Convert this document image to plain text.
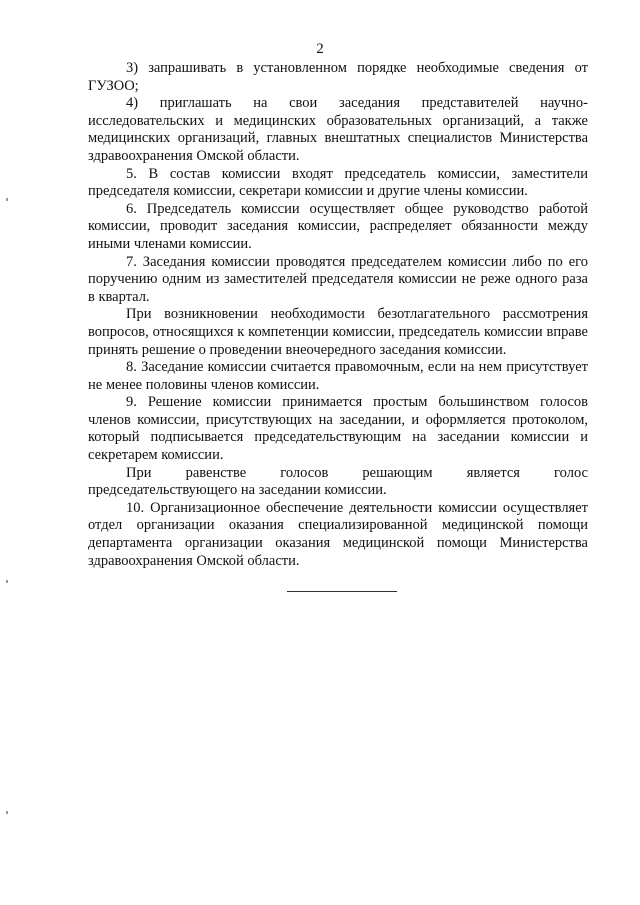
2

3) запрашивать в установленном порядке необходимые сведения от ГУЗОО;

4) приглашать на свои заседания представителей научно-исследовательских и медицинских образовательных организаций, а также медицинских организаций, главных внештатных специалистов Министерства здравоохранения Омской области.

5. В состав комиссии входят председатель комиссии, заместители председателя комиссии, секретари комиссии и другие члены комиссии.

6. Председатель комиссии осуществляет общее руководство работой комиссии, проводит заседания комиссии, распределяет обязанности между иными членами комиссии.

7. Заседания комиссии проводятся председателем комиссии либо по его поручению одним из заместителей председателя комиссии не реже одного раза в квартал.

При возникновении необходимости безотлагательного рассмотрения вопросов, относящихся к компетенции комиссии, председатель комиссии вправе принять решение о проведении внеочередного заседания комиссии.

8. Заседание комиссии считается правомочным, если на нем присутствует не менее половины членов комиссии.

9. Решение комиссии принимается простым большинством голосов членов комиссии, присутствующих на заседании, и оформляется протоколом, который подписывается председательствующим на заседании комиссии и секретарем комиссии.

При равенстве голосов решающим является голос председательствующего на заседании комиссии.

10. Организационное обеспечение деятельности комиссии осуществляет отдел организации оказания специализированной медицинской помощи департамента организации оказания медицинской помощи Министерства здравоохранения Омской области.
